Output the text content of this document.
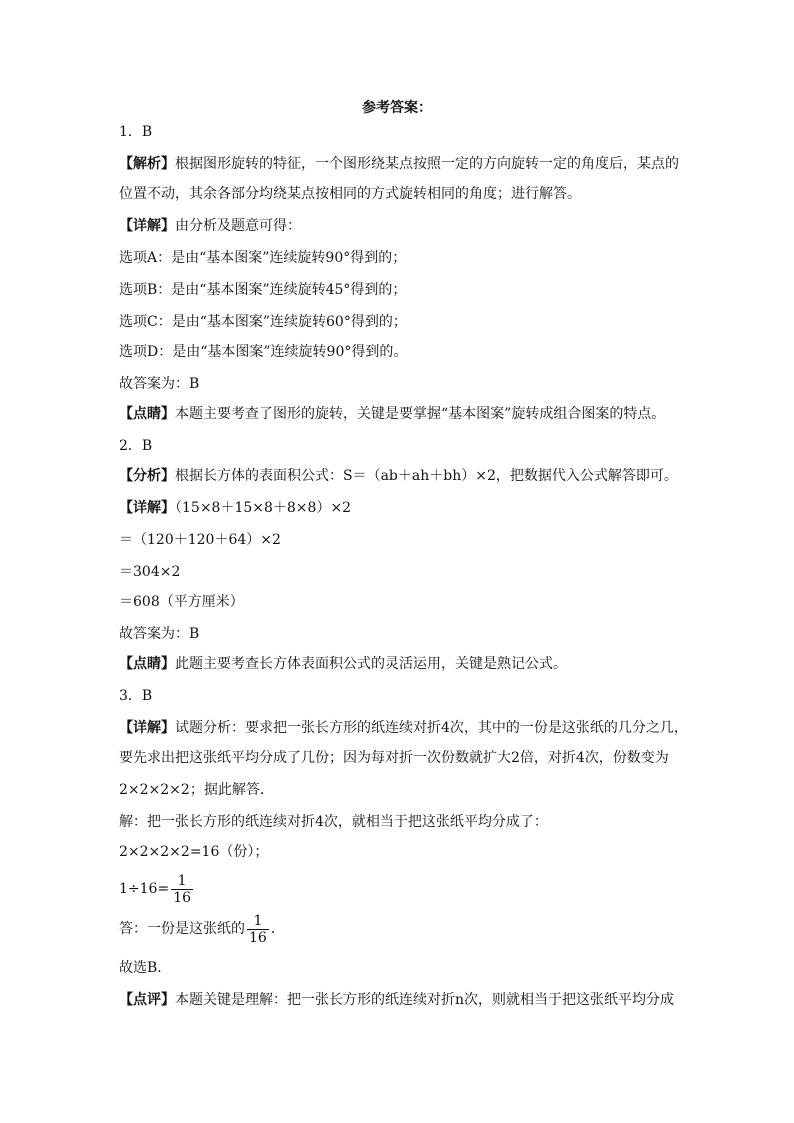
参考答案：
1．B
【解析】根据图形旋转的特征，一个图形绕某点按照一定的方向旋转一定的角度后，某点的
位置不动，其余各部分均绕某点按相同的方式旋转相同的角度；进行解答。
【详解】由分析及题意可得：
选项A：是由“基本图案”连续旋转90°得到的；
选项B：是由“基本图案”连续旋转45°得到的；
选项C：是由“基本图案”连续旋转60°得到的；
选项D：是由“基本图案”连续旋转90°得到的。
故答案为：B
【点睛】本题主要考查了图形的旋转，关键是要掌握“基本图案”旋转成组合图案的特点。
2．B
【分析】根据长方体的表面积公式：S＝（ab＋ah＋bh）×2，把数据代入公式解答即可。
【详解】（15×8＋15×8＋8×8）×2
＝（120＋120＋64）×2
＝304×2
＝608（平方厘米）
故答案为：B
【点睛】此题主要考查长方体表面积公式的灵活运用，关键是熟记公式。
3．B
【详解】试题分析：要求把一张长方形的纸连续对折4次，其中的一份是这张纸的几分之几，
要先求出把这张纸平均分成了几份；因为每对折一次份数就扩大2倍，对折4次，份数变为
2×2×2×2；据此解答．
解：把一张长方形的纸连续对折4次，就相当于把这张纸平均分成了：
2×2×2×2=16（份）；
$1\div 16= \frac{1}{16}$
答：一份是这张纸的 $\frac{1}{16}$ ．
故选B．
【点评】本题关键是理解：把一张长方形的纸连续对折n次，则就相当于把这张纸平均分成
